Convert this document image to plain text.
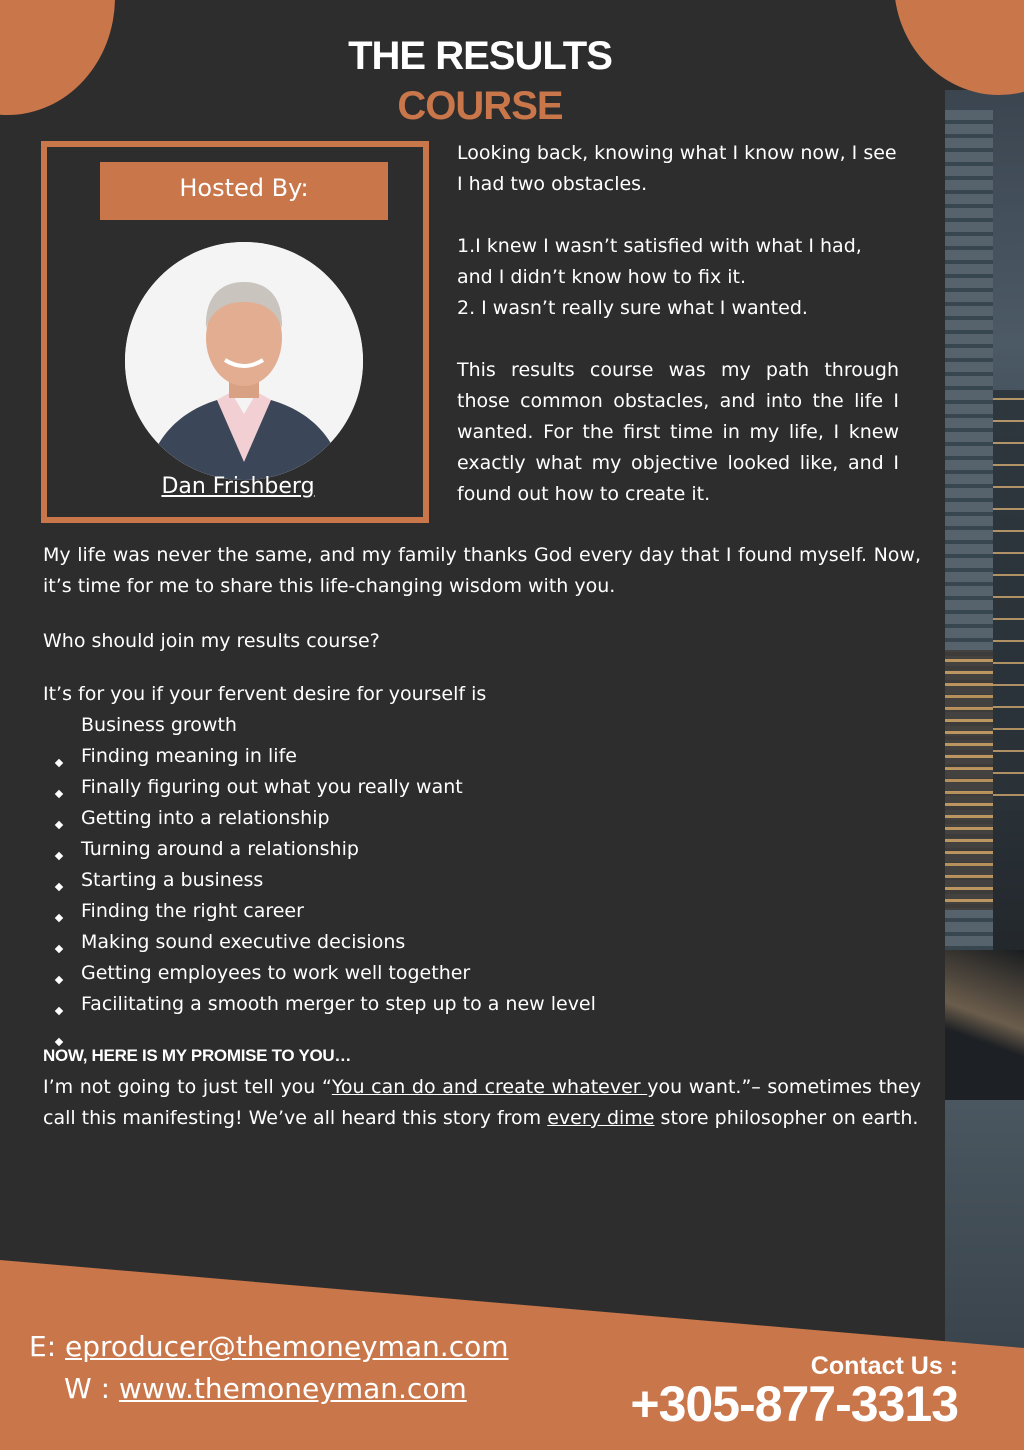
THE RESULTS
COURSE
Hosted By:
Dan Frishberg

Looking back, knowing what I know now, I see I had two obstacles.

1.I knew I wasn’t satisfied with what I had,

and I didn’t know how to fix it.

2. I wasn’t really sure what I wanted.

This results course was my path through those common obstacles, and into the life I wanted. For the first time in my life, I knew exactly what my objective looked like, and I found out how to create it.

My life was never the same, and my family thanks God every day that I found myself. Now, it’s time for me to share this life-changing wisdom with you.

Who should join my results course?

It’s for you if your fervent desire for yourself is

Business growth
Finding meaning in life
Finally figuring out what you really want
Getting into a relationship
Turning around a relationship
Starting a business
Finding the right career
Making sound executive decisions
Getting employees to work well together
Facilitating a smooth merger to step up to a new level
NOW, HERE IS MY PROMISE TO YOU…

I’m not going to just tell you “You can do and create whatever you want.”– sometimes they call this manifesting! We’ve all heard this story from every dime store philosopher on earth.

E: eproducer@themoneyman.com
W : www.themoneyman.com
Contact Us :
+305-877-3313
